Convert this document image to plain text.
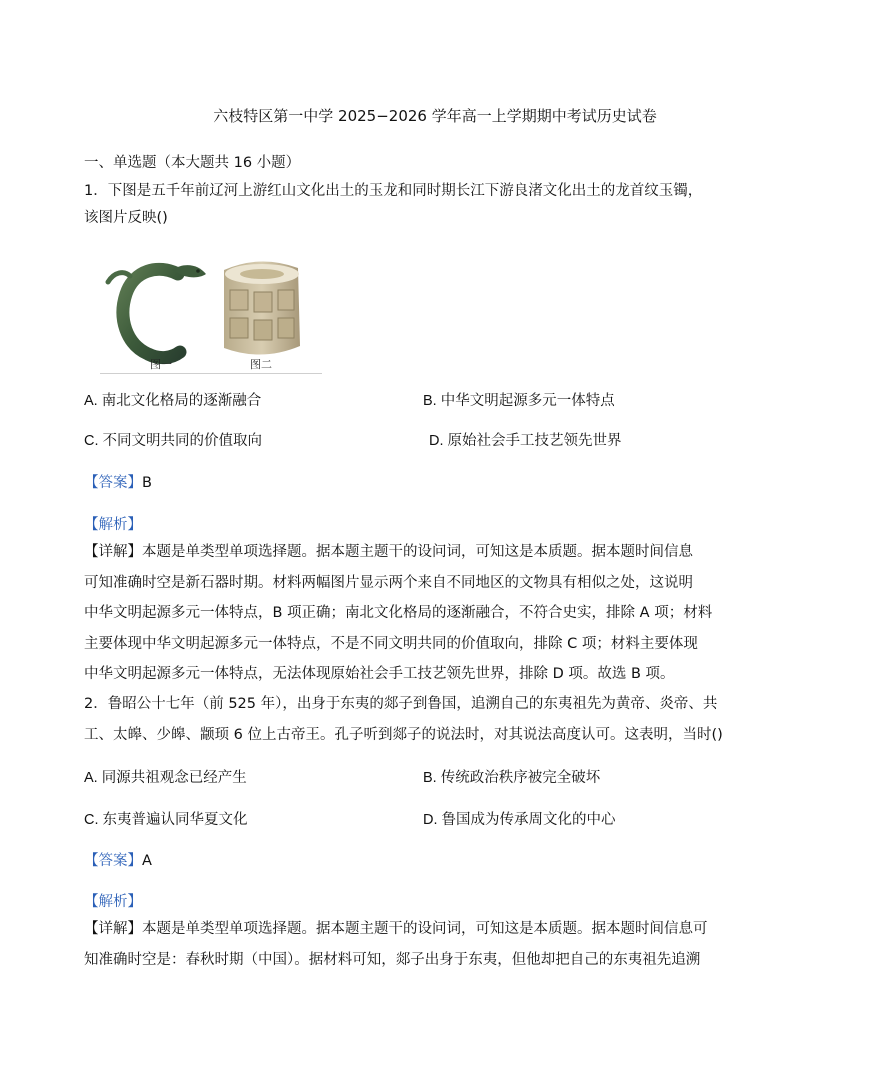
六枝特区第一中学 2025−2026 学年高一上学期期中考试历史试卷
一、单选题（本大题共 16 小题）
1．下图是五千年前辽河上游红山文化出土的玉龙和同时期长江下游良渚文化出土的龙首纹玉镯，
该图片反映()
图一	图二
A. 南北文化格局的逐渐融合	B. 中华文明起源多元一体特点
C. 不同文明共同的价值取向	D. 原始社会手工技艺领先世界
【答案】B
【解析】
【详解】本题是单类型单项选择题。据本题主题干的设问词，可知这是本质题。据本题时间信息
可知准确时空是新石器时期。材料两幅图片显示两个来自不同地区的文物具有相似之处，这说明
中华文明起源多元一体特点，B 项正确；南北文化格局的逐渐融合，不符合史实，排除 A 项；材料
主要体现中华文明起源多元一体特点，不是不同文明共同的价值取向，排除 C 项；材料主要体现
中华文明起源多元一体特点，无法体现原始社会手工技艺领先世界，排除 D 项。故选 B 项。
2．鲁昭公十七年（前 525 年），出身于东夷的郯子到鲁国，追溯自己的东夷祖先为黄帝、炎帝、共
工、太皞、少皞、颛顼 6 位上古帝王。孔子听到郯子的说法时，对其说法高度认可。这表明，当时()
A. 同源共祖观念已经产生	B. 传统政治秩序被完全破坏
C. 东夷普遍认同华夏文化	D. 鲁国成为传承周文化的中心
【答案】A
【解析】
【详解】本题是单类型单项选择题。据本题主题干的设问词，可知这是本质题。据本题时间信息可
知准确时空是：春秋时期（中国）。据材料可知，郯子出身于东夷，但他却把自己的东夷祖先追溯
